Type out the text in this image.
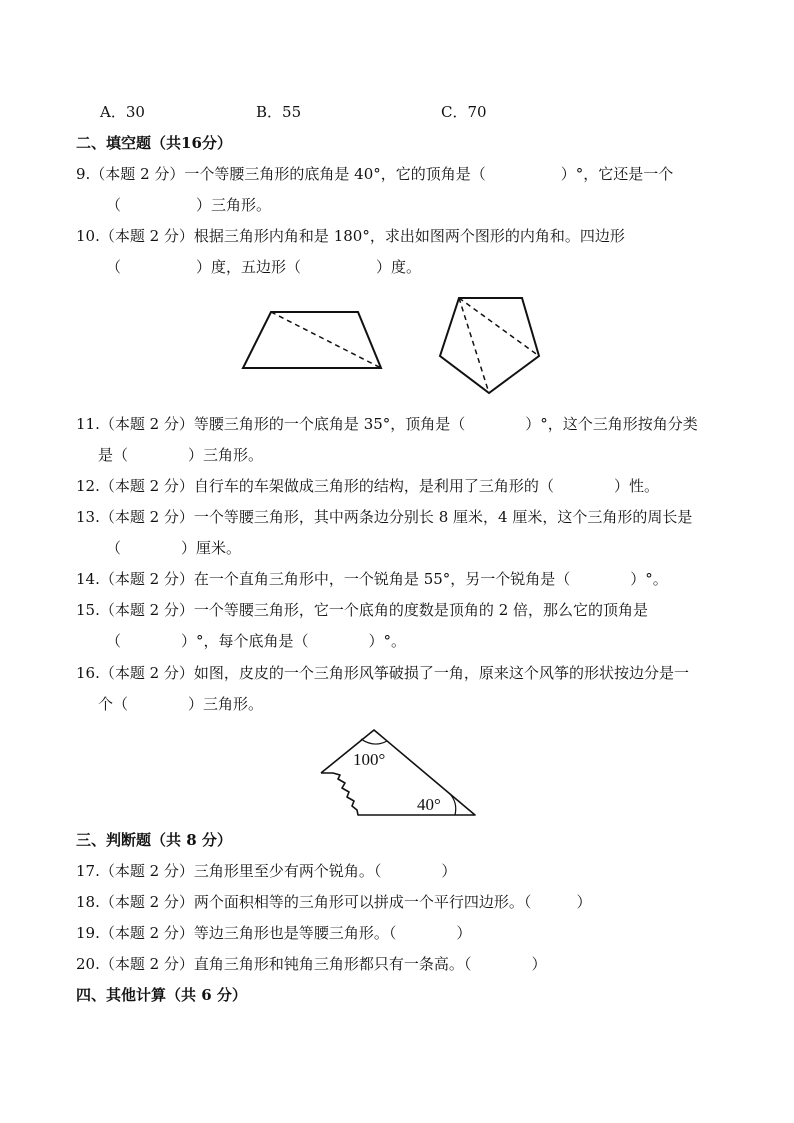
A．30	B．55	C．70
二、填空题（共16分）
9.（本题 2 分）一个等腰三角形的底角是 40°，它的顶角是（　　　　　）°，它还是一个
（　　　　　）三角形。
10.（本题 2 分）根据三角形内角和是 180°，求出如图两个图形的内角和。四边形
（　　　　　）度，五边形（　　　　　）度。
11.（本题 2 分）等腰三角形的一个底角是 35°，顶角是（　　　　）°，这个三角形按角分类
是（　　　　）三角形。
12.（本题 2 分）自行车的车架做成三角形的结构，是利用了三角形的（　　　　）性。
13.（本题 2 分）一个等腰三角形，其中两条边分别长 8 厘米，4 厘米，这个三角形的周长是
（　　　　）厘米。
14.（本题 2 分）在一个直角三角形中，一个锐角是 55°，另一个锐角是（　　　　）°。
15.（本题 2 分）一个等腰三角形，它一个底角的度数是顶角的 2 倍，那么它的顶角是
（　　　　）°，每个底角是（　　　　）°。
16.（本题 2 分）如图，皮皮的一个三角形风筝破损了一角，原来这个风筝的形状按边分是一
个（　　　　）三角形。
100°
40°
三、判断题（共 8 分）
17.（本题 2 分）三角形里至少有两个锐角。（　　　　）
18.（本题 2 分）两个面积相等的三角形可以拼成一个平行四边形。（　　　）
19.（本题 2 分）等边三角形也是等腰三角形。（　　　　）
20.（本题 2 分）直角三角形和钝角三角形都只有一条高。（　　　　）
四、其他计算（共 6 分）
